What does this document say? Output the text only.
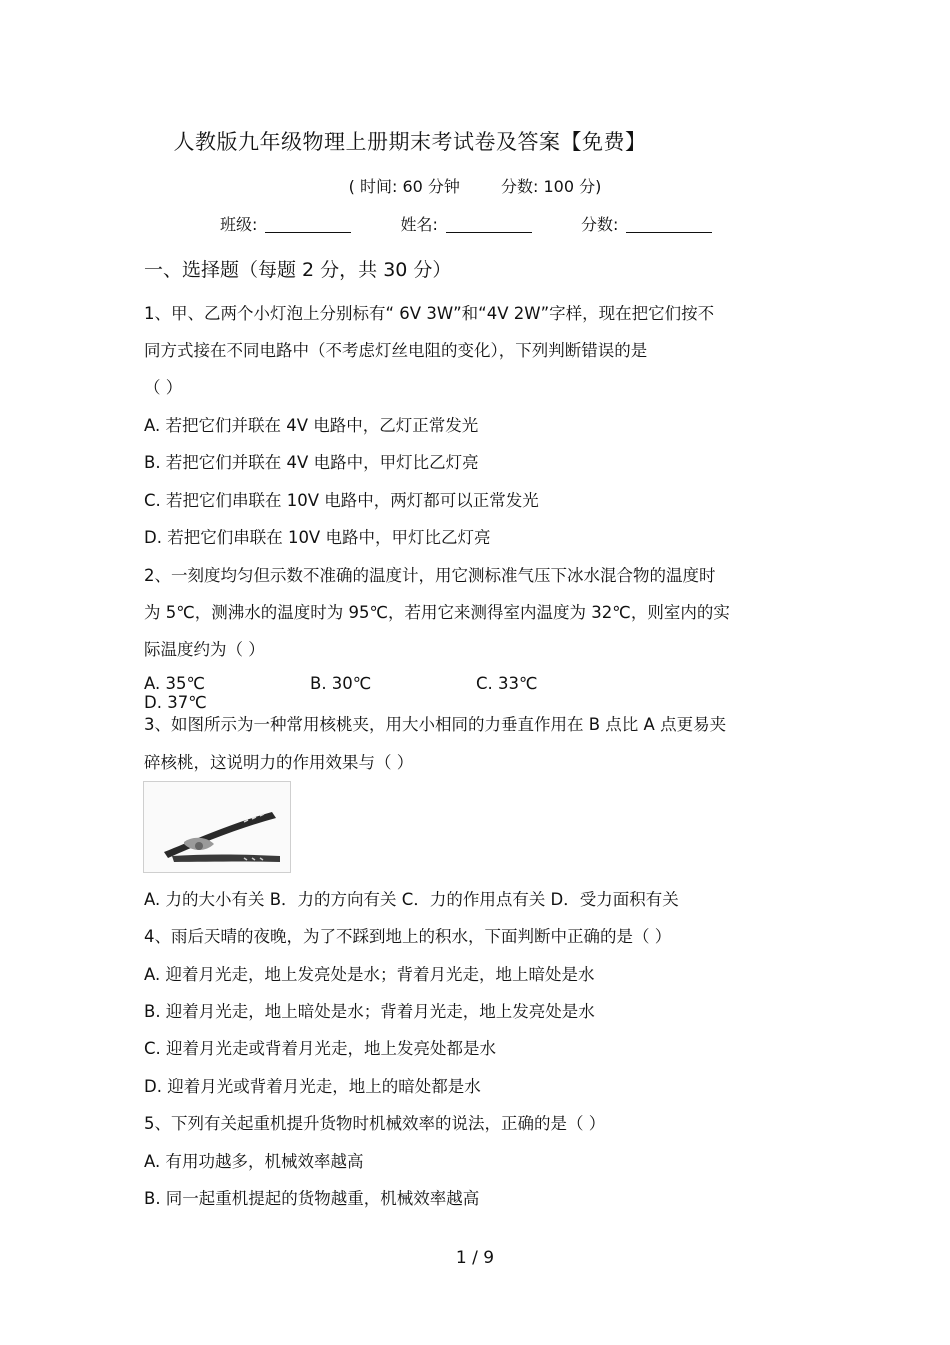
人教版九年级物理上册期末考试卷及答案【免费】
( 时间: 60 分钟	分数: 100 分)
班级:	姓名:	分数:
一、选择题（每题 2 分，共 30 分）
1、甲、乙两个小灯泡上分别标有“ 6V 3W”和“4V 2W”字样，现在把它们按不
同方式接在不同电路中（不考虑灯丝电阻的变化），下列判断错误的是
（ ）
A. 若把它们并联在 4V 电路中，乙灯正常发光
B. 若把它们并联在 4V 电路中，甲灯比乙灯亮
C. 若把它们串联在 10V 电路中，两灯都可以正常发光
D. 若把它们串联在 10V 电路中，甲灯比乙灯亮
2、一刻度均匀但示数不准确的温度计，用它测标准气压下冰水混合物的温度时
为 5℃，测沸水的温度时为 95℃，若用它来测得室内温度为 32℃，则室内的实
际温度约为（ ）
A. 35℃	B. 30℃	C. 33℃D. 37℃
3、如图所示为一种常用核桃夹，用大小相同的力垂直作用在 B 点比 A 点更易夹
碎核桃，这说明力的作用效果与（ ）
A. 力的大小有关 B．力的方向有关 C．力的作用点有关 D．受力面积有关
4、雨后天晴的夜晚，为了不踩到地上的积水，下面判断中正确的是（ ）
A. 迎着月光走，地上发亮处是水；背着月光走，地上暗处是水
B. 迎着月光走，地上暗处是水；背着月光走，地上发亮处是水
C. 迎着月光走或背着月光走，地上发亮处都是水
D. 迎着月光或背着月光走，地上的暗处都是水
5、下列有关起重机提升货物时机械效率的说法，正确的是（ ）
A. 有用功越多，机械效率越高
B. 同一起重机提起的货物越重，机械效率越高
1 / 9
